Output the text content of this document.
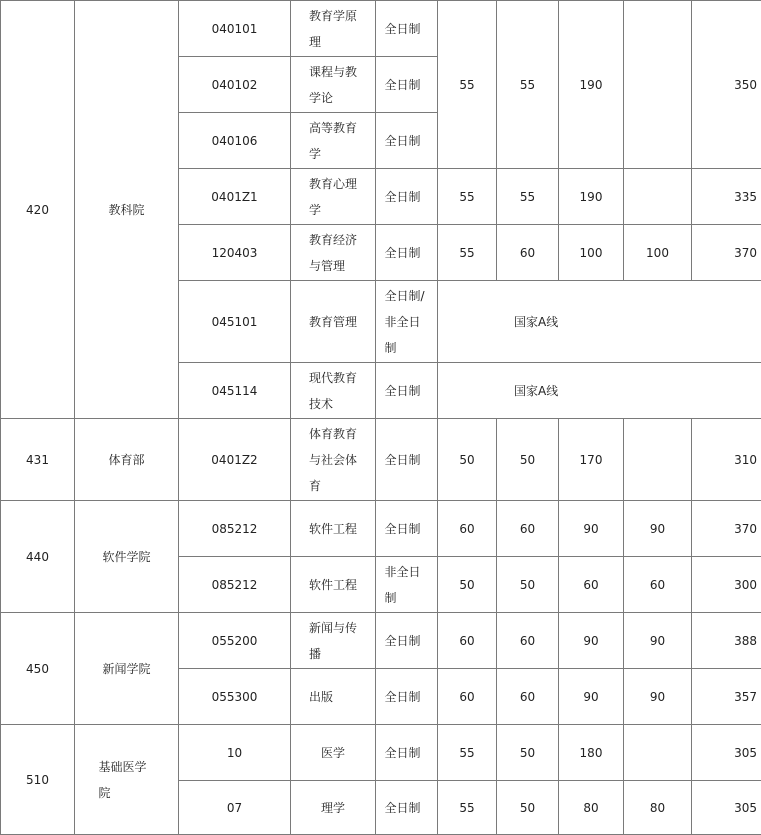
420	教科院	040101	教育学原理	全日制	55	55	190		350
		040102	课程与教学论	全日制					
		040106	高等教育学	全日制					
		0401Z1	教育心理学	全日制	55	55	190		335
		120403	教育经济与管理	全日制	55	60	100	100	370
		045101	教育管理	全日制/非全日制	国家A线				
		045114	现代教育技术	全日制	国家A线				
431	体育部	0401Z2	体育教育与社会体育	全日制	50	50	170		310
440	软件学院	085212	软件工程	全日制	60	60	90	90	370
		085212	软件工程	非全日制	50	50	60	60	300
450	新闻学院	055200	新闻与传播	全日制	60	60	90	90	388
		055300	出版	全日制	60	60	90	90	357
510	基础医学院	10	医学	全日制	55	50	180		305
		07	理学	全日制	55	50	80	80	305
